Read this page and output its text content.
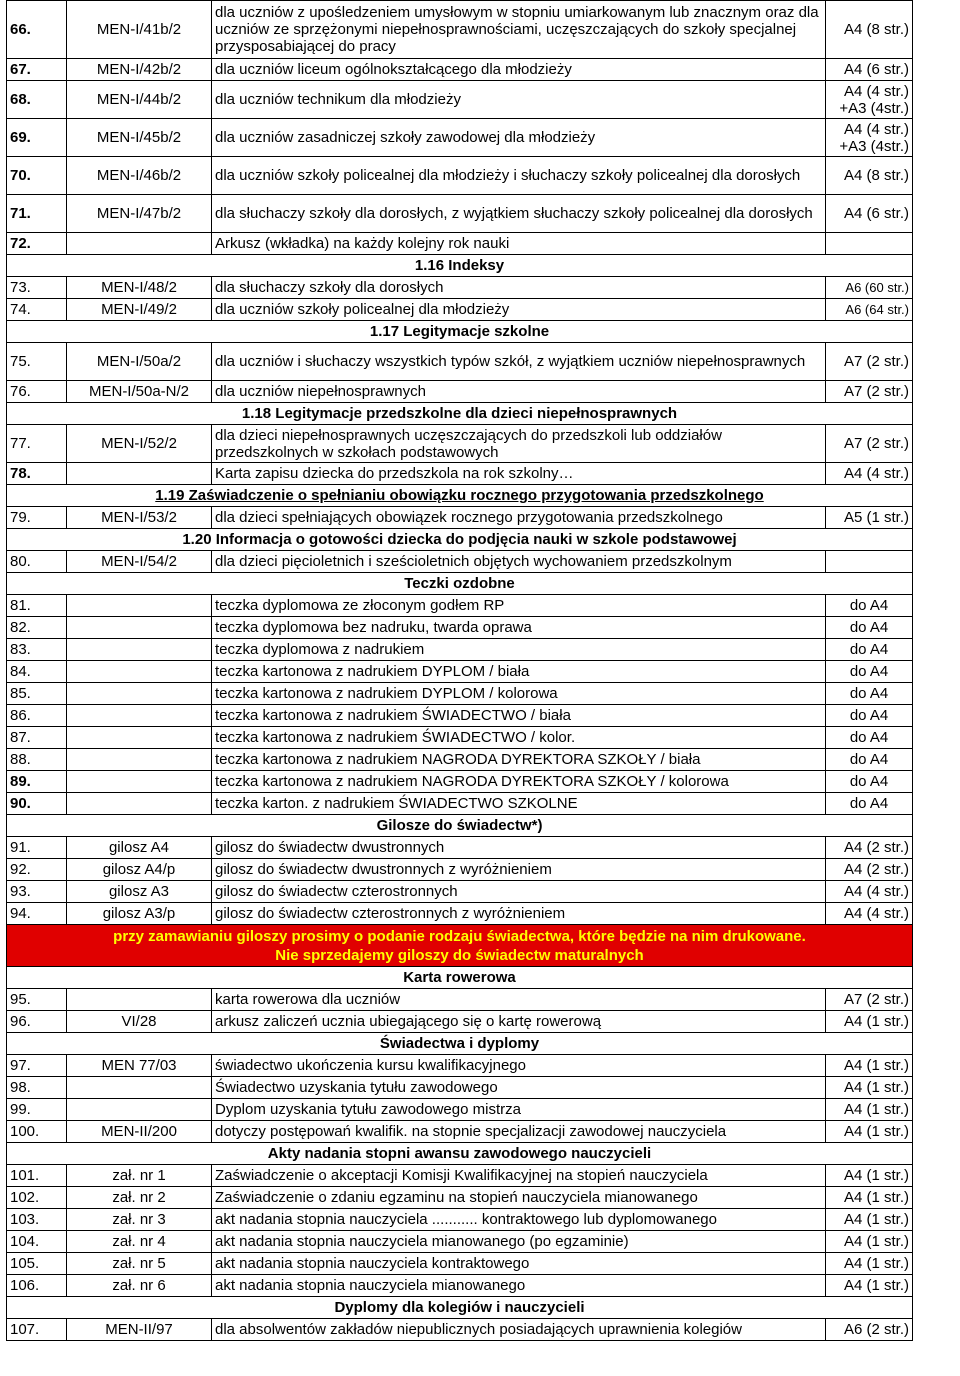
66.	MEN-I/41b/2	dla uczniów z upośledzeniem umysłowym w stopniu umiarkowanym lub znacznym oraz dla uczniów ze sprzężonymi niepełnosprawnościami, uczęszczających do szkoły specjalnej przysposabiającej do pracy	A4 (8 str.)
67.	MEN-I/42b/2	dla uczniów liceum ogólnokształcącego dla młodzieży	A4 (6 str.)
68.	MEN-I/44b/2	dla uczniów technikum dla młodzieży	A4 (4 str.) +A3 (4str.)
69.	MEN-I/45b/2	dla uczniów zasadniczej szkoły zawodowej dla młodzieży	A4 (4 str.) +A3 (4str.)
70.	MEN-I/46b/2	dla uczniów szkoły policealnej dla młodzieży i słuchaczy szkoły policealnej dla dorosłych	A4 (8 str.)
71.	MEN-I/47b/2	dla słuchaczy szkoły dla dorosłych, z wyjątkiem słuchaczy szkoły policealnej dla dorosłych	A4 (6 str.)
72.		Arkusz (wkładka) na każdy kolejny rok nauki	
1.16 Indeksy			
73.	MEN-I/48/2	dla słuchaczy szkoły dla dorosłych	A6 (60 str.)
74.	MEN-I/49/2	dla uczniów szkoły policealnej dla młodzieży	A6 (64 str.)
1.17 Legitymacje szkolne			
75.	MEN-I/50a/2	dla uczniów i słuchaczy wszystkich typów szkół, z wyjątkiem uczniów niepełnosprawnych	A7 (2 str.)
76.	MEN-I/50a-N/2	dla uczniów niepełnosprawnych	A7 (2 str.)
1.18 Legitymacje przedszkolne dla dzieci niepełnosprawnych			
77.	MEN-I/52/2	dla dzieci niepełnosprawnych uczęszczających do przedszkoli lub oddziałów przedszkolnych w szkołach podstawowych	A7 (2 str.)
78.		Karta zapisu dziecka do przedszkola na rok szkolny…	A4 (4 str.)
1.19 Zaświadczenie o spełnianiu obowiązku rocznego przygotowania przedszkolnego			
79.	MEN-I/53/2	dla dzieci spełniających obowiązek rocznego przygotowania przedszkolnego	A5 (1 str.)
1.20 Informacja o gotowości dziecka do podjęcia nauki w szkole podstawowej			
80.	MEN-I/54/2	dla dzieci pięcioletnich i sześcioletnich objętych wychowaniem przedszkolnym	
Teczki ozdobne			
81.		teczka dyplomowa ze złoconym godłem RP	do A4
82.		teczka dyplomowa bez nadruku, twarda oprawa	do A4
83.		teczka dyplomowa z nadrukiem	do A4
84.		teczka kartonowa z nadrukiem DYPLOM / biała	do A4
85.		teczka kartonowa z nadrukiem DYPLOM / kolorowa	do A4
86.		teczka kartonowa z nadrukiem ŚWIADECTWO / biała	do A4
87.		teczka kartonowa z nadrukiem ŚWIADECTWO / kolor.	do A4
88.		teczka kartonowa z nadrukiem NAGRODA DYREKTORA SZKOŁY / biała	do A4
89.		teczka kartonowa z nadrukiem NAGRODA DYREKTORA SZKOŁY / kolorowa	do A4
90.		teczka karton. z nadrukiem ŚWIADECTWO SZKOLNE	do A4
Gilosze do świadectw*)			
91.	gilosz A4	gilosz do świadectw dwustronnych	A4 (2 str.)
92.	gilosz A4/p	gilosz do świadectw dwustronnych z wyróżnieniem	A4 (2 str.)
93.	gilosz A3	gilosz do świadectw czterostronnych	A4 (4 str.)
94.	gilosz A3/p	gilosz do świadectw czterostronnych z wyróżnieniem	A4 (4 str.)

przy zamawianiu giloszy prosimy o podanie rodzaju świadectwa, które będzie na nim drukowane.
Nie sprzedajemy giloszy do świadectw maturalnych			

Karta rowerowa			
95.		karta rowerowa dla uczniów	A7 (2 str.)
96.	VI/28	arkusz zaliczeń ucznia ubiegającego się o kartę rowerową	A4 (1 str.)
Świadectwa i dyplomy			
97.	MEN 77/03	świadectwo ukończenia kursu kwalifikacyjnego	A4 (1 str.)
98.		Świadectwo uzyskania tytułu zawodowego	A4 (1 str.)
99.		Dyplom uzyskania tytułu zawodowego mistrza	A4 (1 str.)
100.	MEN-II/200	dotyczy postępowań kwalifik. na stopnie specjalizacji zawodowej nauczyciela	A4 (1 str.)
Akty nadania stopni awansu zawodowego nauczycieli			
101.	zał. nr 1	Zaświadczenie o akceptacji Komisji Kwalifikacyjnej na stopień nauczyciela	A4 (1 str.)
102.	zał. nr 2	Zaświadczenie o zdaniu egzaminu na stopień nauczyciela mianowanego	A4 (1 str.)
103.	zał. nr 3	akt nadania stopnia nauczyciela ........... kontraktowego lub dyplomowanego	A4 (1 str.)
104.	zał. nr 4	akt nadania stopnia nauczyciela mianowanego (po egzaminie)	A4 (1 str.)
105.	zał. nr 5	akt nadania stopnia nauczyciela kontraktowego	A4 (1 str.)
106.	zał. nr 6	akt nadania stopnia nauczyciela mianowanego	A4 (1 str.)
Dyplomy dla kolegiów i nauczycieli			
107.	MEN-II/97	dla absolwentów zakładów niepublicznych posiadających uprawnienia kolegiów	A6 (2 str.)
